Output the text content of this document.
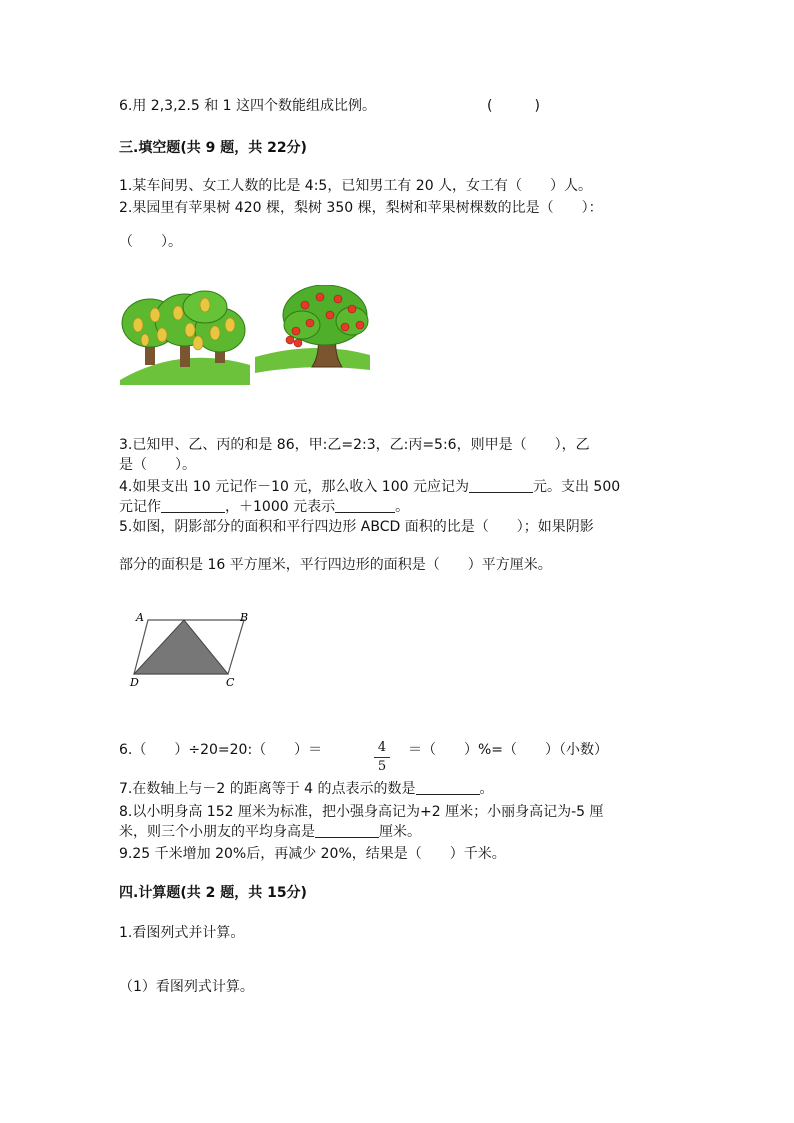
6.用 2,3,2.5 和 1 这四个数能组成比例。	(　　　)
三.填空题(共 9 题，共 22分)
1.某车间男、女工人数的比是 4:5，已知男工有 20 人，女工有（　　）人。
2.果园里有苹果树 420 棵，梨树 350 棵，梨树和苹果树棵数的比是（　　）：
（　　）。
3.已知甲、乙、丙的和是 86，甲:乙=2:3，乙:丙=5:6，则甲是（　　），乙
是（　　）。
4.如果支出 10 元记作－10 元，那么收入 100 元应记为	元。支出 500
元记作	，＋1000 元表示	。
5.如图，阴影部分的面积和平行四边形 ABCD 面积的比是（　　）；如果阴影
部分的面积是 16 平方厘米，平行四边形的面积是（　　）平方厘米。
A	B
D	C
6.（　　）÷20=20:（　　）＝	4
5
＝（　　）%=（　　）（小数）
7.在数轴上与－2 的距离等于 4 的点表示的数是	。
8.以小明身高 152 厘米为标准，把小强身高记为+2 厘米；小丽身高记为-5 厘
米，则三个小朋友的平均身高是	厘米。
9.25 千米增加 20%后，再减少 20%，结果是（　　）千米。
四.计算题(共 2 题，共 15分)
1.看图列式并计算。
（1）看图列式计算。
